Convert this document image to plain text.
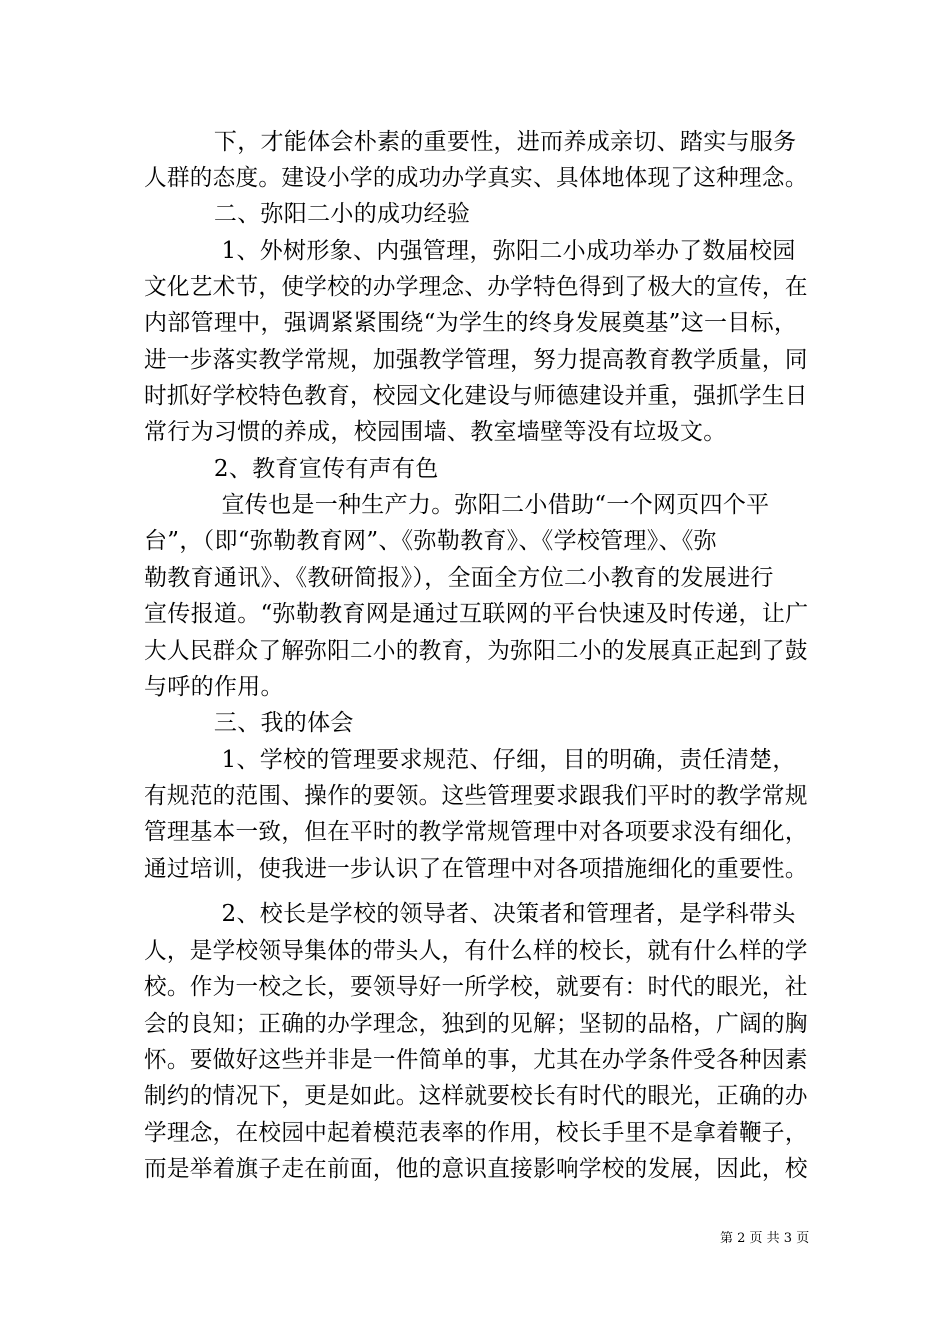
　　　下，才能体会朴素的重要性，进而养成亲切、踏实与服务
人群的态度。建设小学的成功办学真实、具体地体现了这种理念。
　　　二、弥阳二小的成功经验
　　　 1、外树形象、内强管理，弥阳二小成功举办了数届校园
文化艺术节，使学校的办学理念、办学特色得到了极大的宣传，在
内部管理中，强调紧紧围绕“为学生的终身发展奠基”这一目标，
进一步落实教学常规，加强教学管理，努力提高教育教学质量，同
时抓好学校特色教育，校园文化建设与师德建设并重，强抓学生日
常行为习惯的养成，校园围墙、教室墙壁等没有垃圾文。
　　　2、教育宣传有声有色
　　　 宣传也是一种生产力。弥阳二小借助“一个网页四个平
台”，（即“弥勒教育网”、《弥勒教育》、《学校管理》、《弥
勒教育通讯》、《教研简报》），全面全方位二小教育的发展进行
宣传报道。“弥勒教育网是通过互联网的平台快速及时传递，让广
大人民群众了解弥阳二小的教育，为弥阳二小的发展真正起到了鼓
与呼的作用。
　　　三、我的体会
　　　 1、学校的管理要求规范、仔细，目的明确，责任清楚，
有规范的范围、操作的要领。这些管理要求跟我们平时的教学常规
管理基本一致，但在平时的教学常规管理中对各项要求没有细化，
通过培训，使我进一步认识了在管理中对各项措施细化的重要性。
　　　 2、校长是学校的领导者、决策者和管理者，是学科带头
人，是学校领导集体的带头人，有什么样的校长，就有什么样的学
校。作为一校之长，要领导好一所学校，就要有：时代的眼光，社
会的良知；正确的办学理念，独到的见解；坚韧的品格，广阔的胸
怀。要做好这些并非是一件简单的事，尤其在办学条件受各种因素
制约的情况下，更是如此。这样就要校长有时代的眼光，正确的办
学理念，在校园中起着模范表率的作用，校长手里不是拿着鞭子，
而是举着旗子走在前面，他的意识直接影响学校的发展，因此，校
第 2 页 共 3 页
